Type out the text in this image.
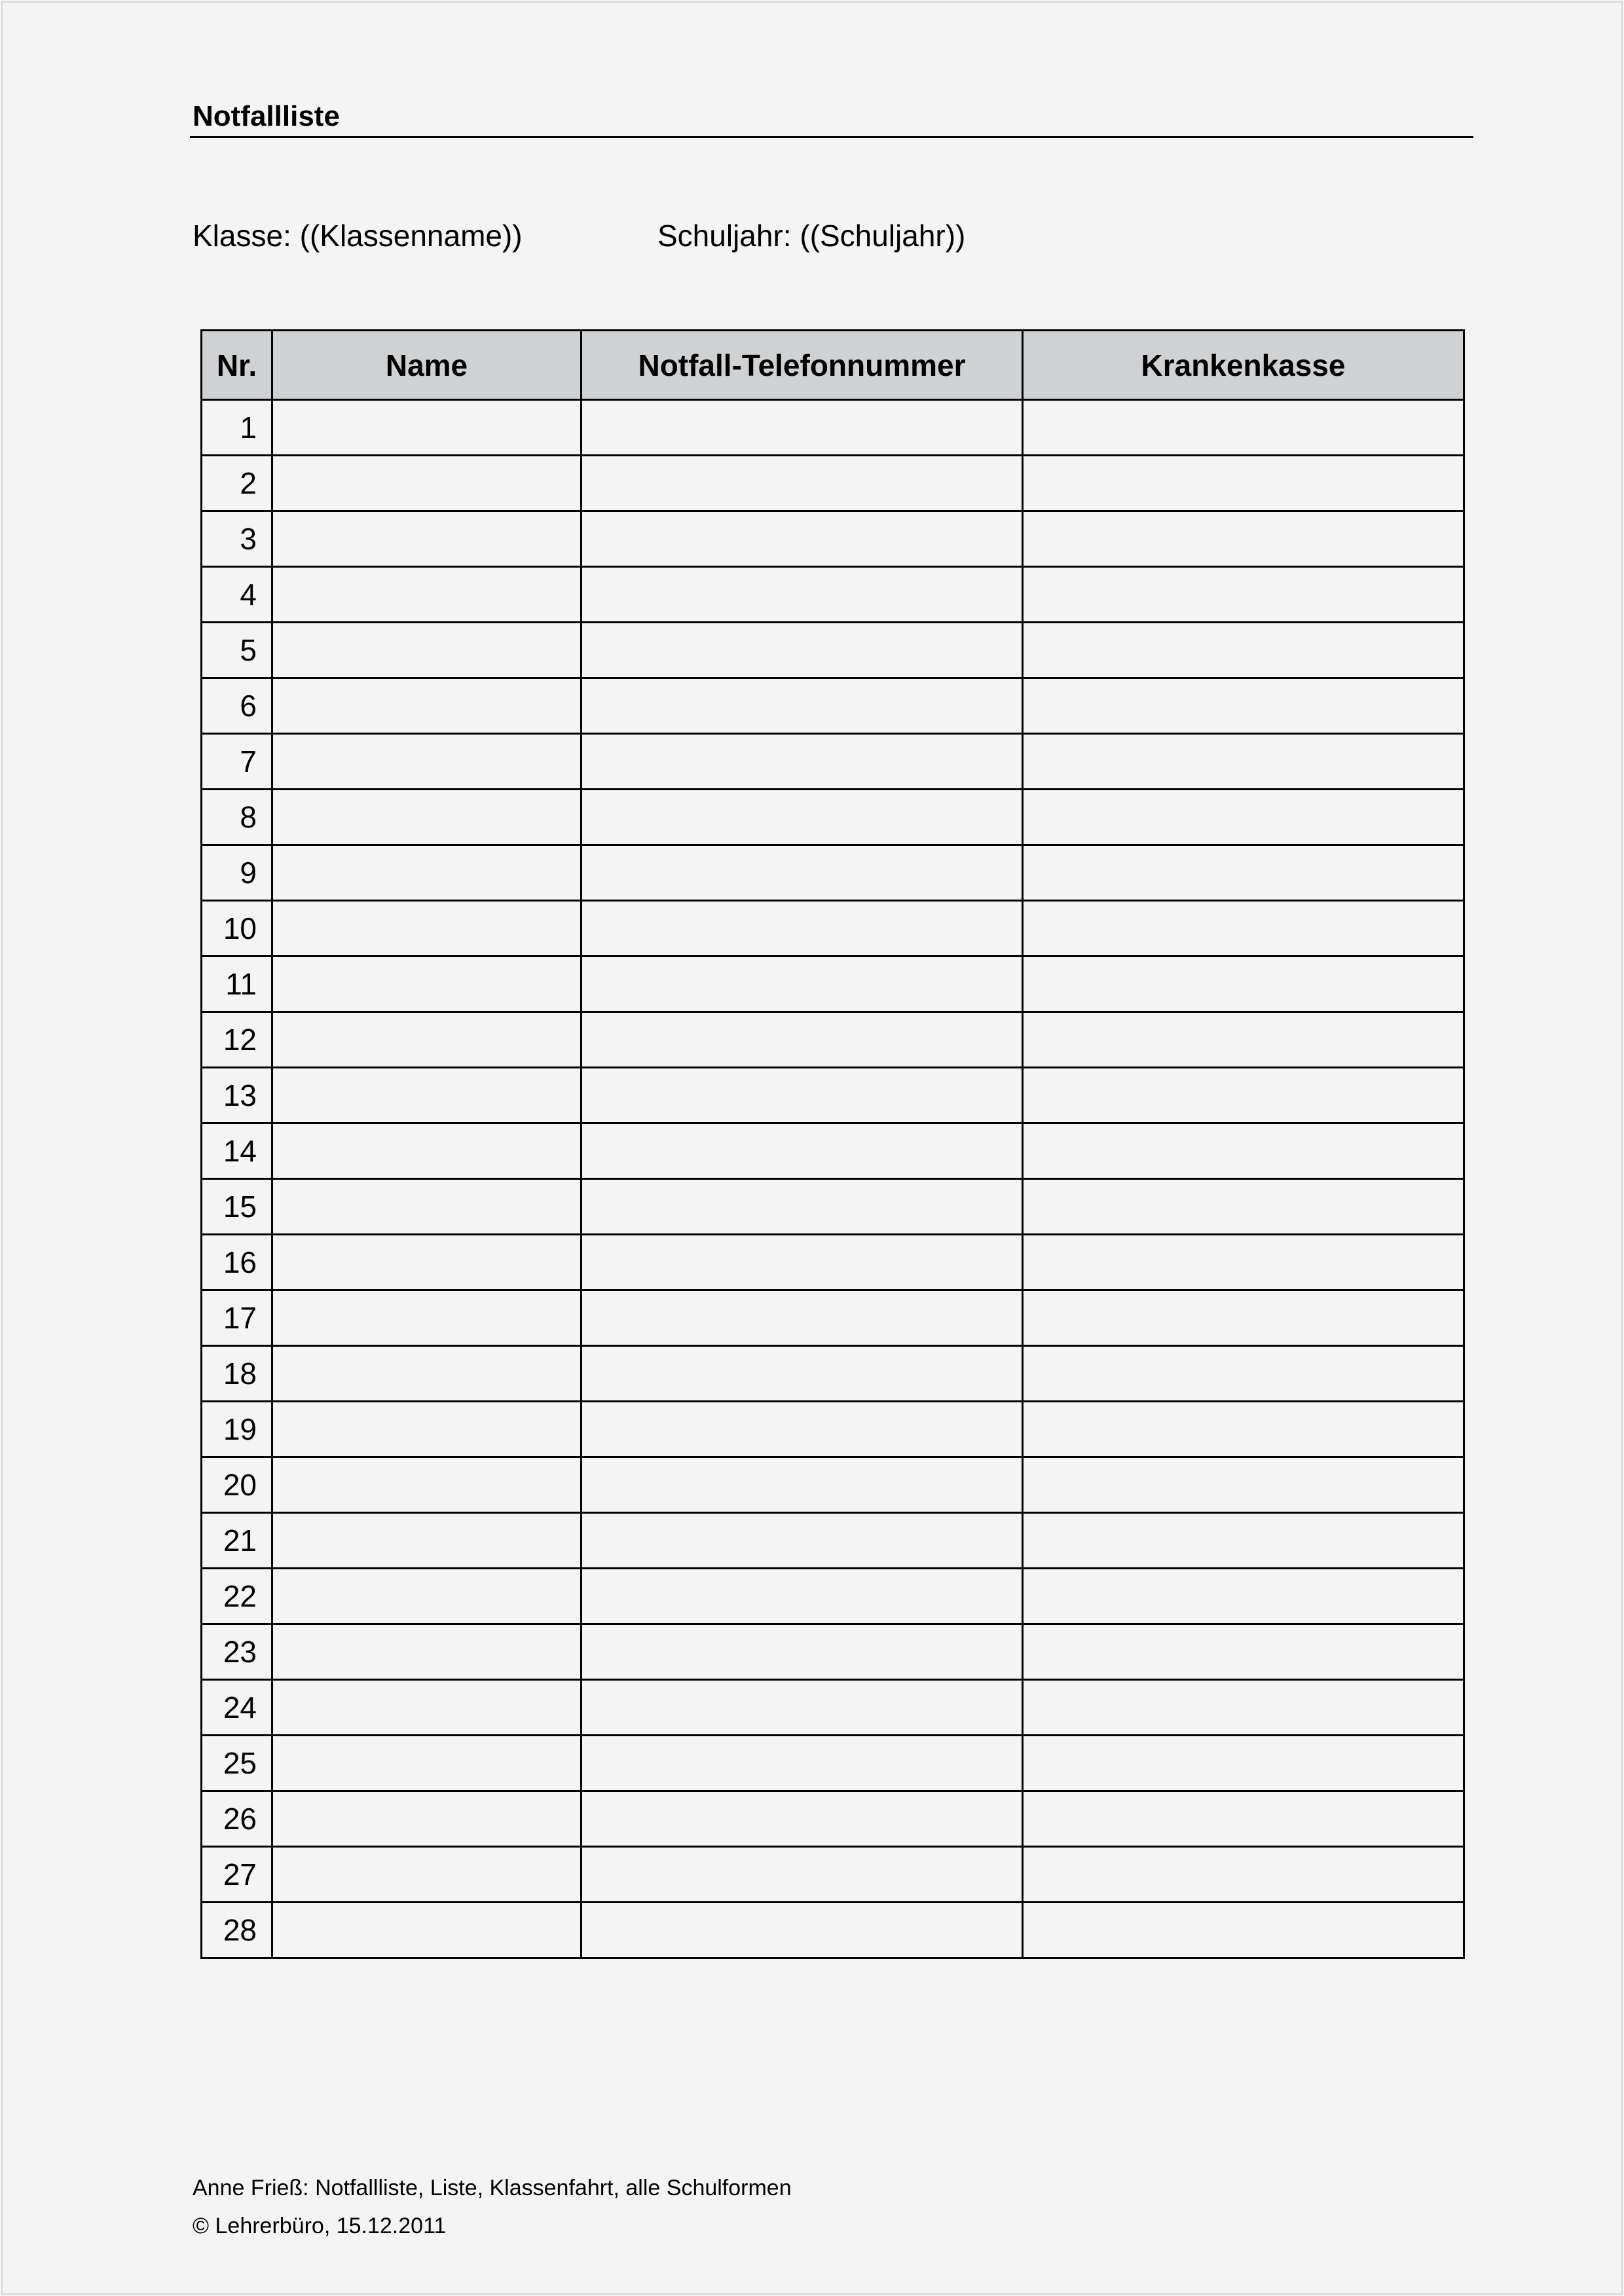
Notfallliste
Klasse: ((Klassenname))	Schuljahr: ((Schuljahr))
Nr.	Name	Notfall-Telefonnummer	Krankenkasse
1			
2			
3			
4			
5			
6			
7			
8			
9			
10			
11			
12			
13			
14			
15			
16			
17			
18			
19			
20			
21			
22			
23			
24			
25			
26			
27			
28			
Anne Frieß: Notfallliste, Liste, Klassenfahrt, alle Schulformen
© Lehrerbüro, 15.12.2011
